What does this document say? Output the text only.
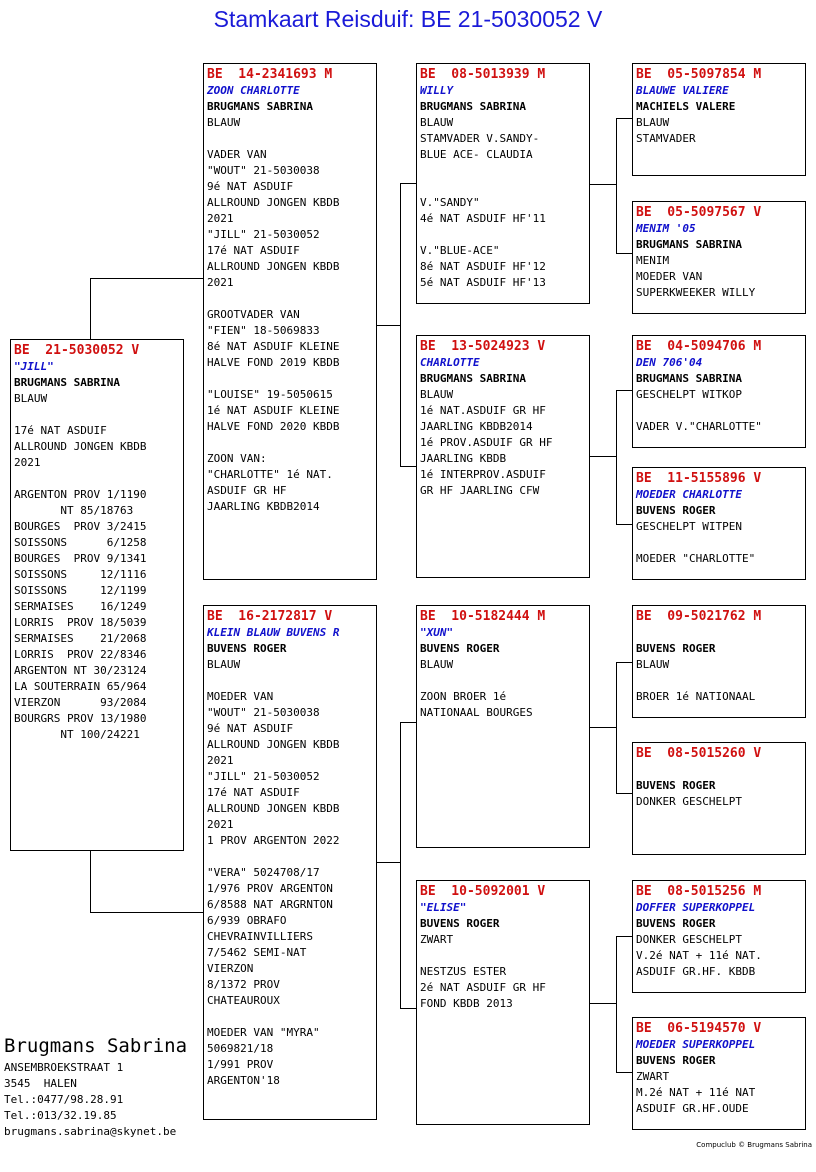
Stamkaart Reisduif: BE 21-5030052 V
BE  21-5030052 V
"JILL"
BRUGMANS SABRINA
BLAUW
17é NAT ASDUIF
ALLROUND JONGEN KBDB
2021

ARGENTON PROV 1/1190
NT 85/18763
BOURGES  PROV 3/2415
SOISSONS      6/1258
BOURGES  PROV 9/1341
SOISSONS     12/1116
SOISSONS     12/1199
SERMAISES    16/1249
LORRIS  PROV 18/5039
SERMAISES    21/2068
LORRIS  PROV 22/8346
ARGENTON NT 30/23124
LA SOUTERRAIN 65/964
VIERZON      93/2084
BOURGRS PROV 13/1980
NT 100/24221
BE  14-2341693 M
ZOON CHARLOTTE
BRUGMANS SABRINA
BLAUW
VADER VAN
"WOUT" 21-5030038
9é NAT ASDUIF
ALLROUND JONGEN KBDB
2021
"JILL" 21-5030052
17é NAT ASDUIF
ALLROUND JONGEN KBDB
2021

GROOTVADER VAN
"FIEN" 18-5069833
8é NAT ASDUIF KLEINE
HALVE FOND 2019 KBDB

"LOUISE" 19-5050615
1é NAT ASDUIF KLEINE
HALVE FOND 2020 KBDB

ZOON VAN:
"CHARLOTTE" 1é NAT.
ASDUIF GR HF
JAARLING KBDB2014
BE  16-2172817 V
KLEIN BLAUW BUVENS R
BUVENS ROGER
BLAUW
MOEDER VAN
"WOUT" 21-5030038
9é NAT ASDUIF
ALLROUND JONGEN KBDB
2021
"JILL" 21-5030052
17é NAT ASDUIF
ALLROUND JONGEN KBDB
2021
1 PROV ARGENTON 2022

"VERA" 5024708/17
1/976 PROV ARGENTON
6/8588 NAT ARGRNTON
6/939 OBRAFO
CHEVRAINVILLIERS
7/5462 SEMI-NAT
VIERZON
8/1372 PROV
CHATEAUROUX

MOEDER VAN "MYRA"
5069821/18
1/991 PROV
ARGENTON'18
BE  08-5013939 M
WILLY
BRUGMANS SABRINA
BLAUW
STAMVADER V.SANDY-
BLUE ACE- CLAUDIA

V."SANDY"
4é NAT ASDUIF HF'11

V."BLUE-ACE"
8é NAT ASDUIF HF'12
5é NAT ASDUIF HF'13
BE  13-5024923 V
CHARLOTTE
BRUGMANS SABRINA
BLAUW
1é NAT.ASDUIF GR HF
JAARLING KBDB2014
1é PROV.ASDUIF GR HF
JAARLING KBDB
1é INTERPROV.ASDUIF
GR HF JAARLING CFW
BE  10-5182444 M
"XUN"
BUVENS ROGER
BLAUW

ZOON BROER 1é
NATIONAAL BOURGES
BE  10-5092001 V
"ELISE"
BUVENS ROGER
ZWART

NESTZUS ESTER
2é NAT ASDUIF GR HF
FOND KBDB 2013
BE  05-5097854 M
BLAUWE VALIERE
MACHIELS VALERE
BLAUW
STAMVADER
BE  05-5097567 V
MENIM '05
BRUGMANS SABRINA
MENIM
MOEDER VAN
SUPERKWEEKER WILLY
BE  04-5094706 M
DEN 706'04
BRUGMANS SABRINA
GESCHELPT WITKOP

VADER V."CHARLOTTE"
BE  11-5155896 V
MOEDER CHARLOTTE
BUVENS ROGER
GESCHELPT WITPEN

MOEDER "CHARLOTTE"
BE  09-5021762 M
BUVENS ROGER
BLAUW

BROER 1é NATIONAAL
BE  08-5015260 V
BUVENS ROGER
DONKER GESCHELPT
BE  08-5015256 M
DOFFER SUPERKOPPEL
BUVENS ROGER
DONKER GESCHELPT
V.2é NAT + 11é NAT.
ASDUIF GR.HF. KBDB
BE  06-5194570 V
MOEDER SUPERKOPPEL
BUVENS ROGER
ZWART
M.2é NAT + 11é NAT
ASDUIF GR.HF.OUDE
Brugmans Sabrina
ANSEMBROEKSTRAAT 1
3545  HALEN
Tel.:0477/98.28.91
Tel.:013/32.19.85
brugmans.sabrina@skynet.be
Compuclub © Brugmans Sabrina
